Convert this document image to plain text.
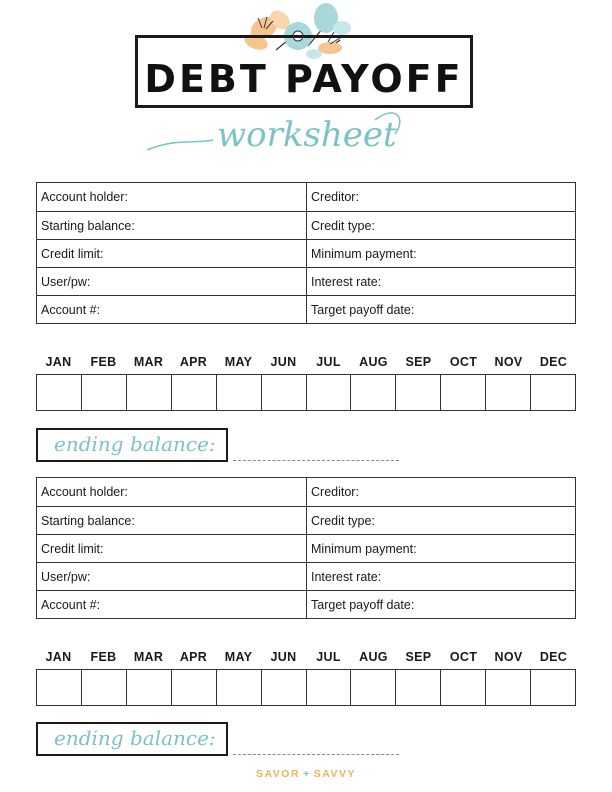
DEBT PAYOFF
worksheet
Account holder:	Creditor:
Starting balance:	Credit type:
Credit limit:	Minimum payment:
User/pw:	Interest rate:
Account #:	Target payoff date:
JAN	FEB	MAR	APR	MAY	JUN	JUL	AUG	SEP	OCT	NOV	DEC
ending balance:
Account holder:	Creditor:
Starting balance:	Credit type:
Credit limit:	Minimum payment:
User/pw:	Interest rate:
Account #:	Target payoff date:
JAN	FEB	MAR	APR	MAY	JUN	JUL	AUG	SEP	OCT	NOV	DEC
ending balance:
SAVOR + SAVVY
